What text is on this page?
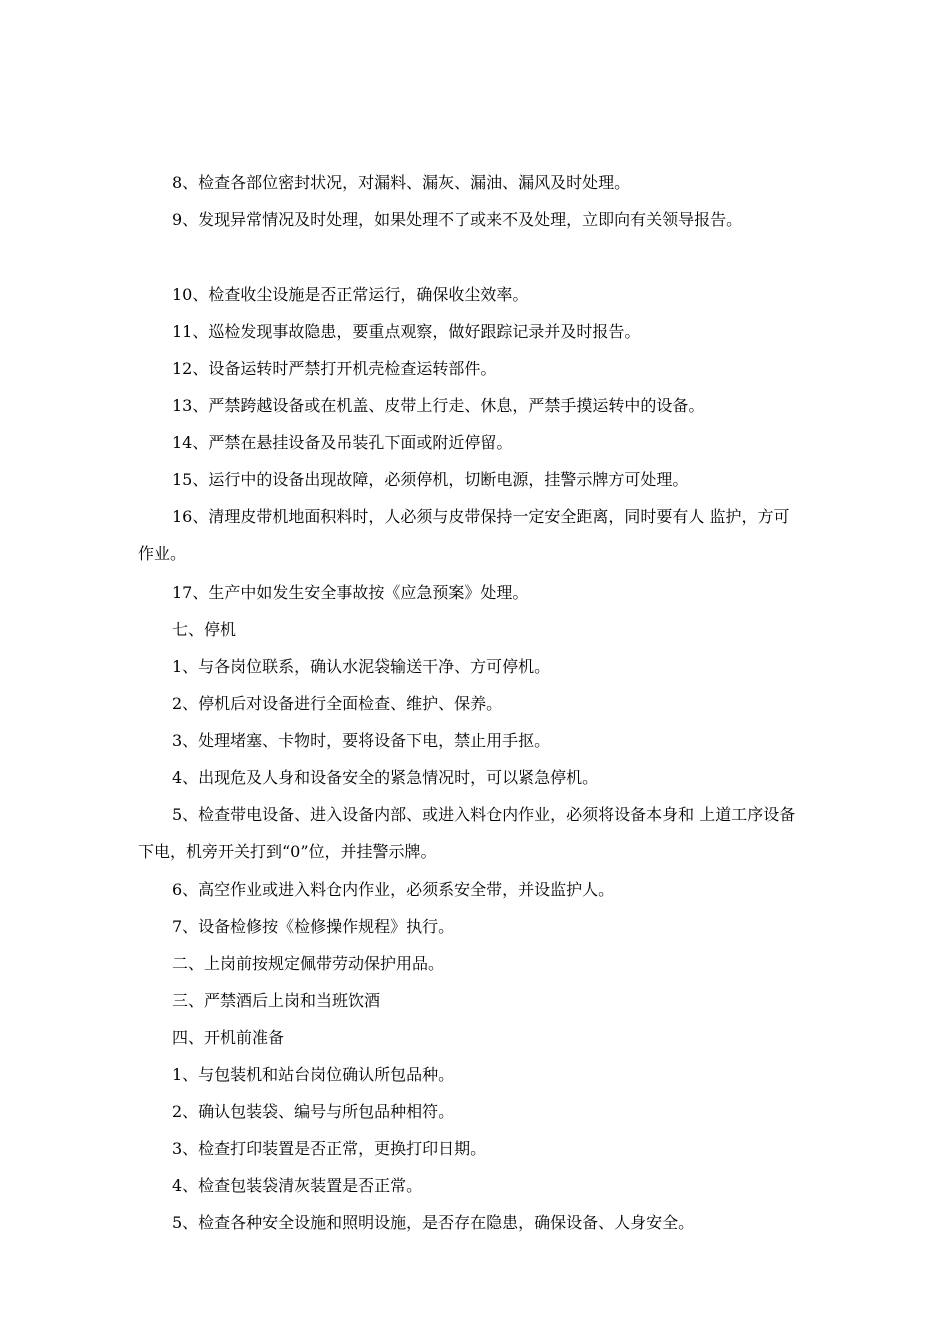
8、检查各部位密封状况，对漏料、漏灰、漏油、漏风及时处理。

9、发现异常情况及时处理，如果处理不了或来不及处理，立即向有关领导报告。

10、检查收尘设施是否正常运行，确保收尘效率。

11、巡检发现事故隐患，要重点观察，做好跟踪记录并及时报告。

12、设备运转时严禁打开机壳检查运转部件。

13、严禁跨越设备或在机盖、皮带上行走、休息，严禁手摸运转中的设备。

14、严禁在悬挂设备及吊装孔下面或附近停留。

15、运行中的设备出现故障，必须停机，切断电源，挂警示牌方可处理。

16、清理皮带机地面积料时，人必须与皮带保持一定安全距离，同时要有人 监护，方可作业。

17、生产中如发生安全事故按《应急预案》处理。

七、停机

1、与各岗位联系，确认水泥袋输送干净、方可停机。

2、停机后对设备进行全面检查、维护、保养。

3、处理堵塞、卡物时，要将设备下电，禁止用手抠。

4、出现危及人身和设备安全的紧急情况时，可以紧急停机。

5、检查带电设备、进入设备内部、或进入料仓内作业，必须将设备本身和 上道工序设备下电，机旁开关打到“0”位，并挂警示牌。

6、高空作业或进入料仓内作业，必须系安全带，并设监护人。

7、设备检修按《检修操作规程》执行。

二、上岗前按规定佩带劳动保护用品。

三、严禁酒后上岗和当班饮酒

四、开机前准备

1、与包装机和站台岗位确认所包品种。

2、确认包装袋、编号与所包品种相符。

3、检查打印装置是否正常，更换打印日期。

4、检查包装袋清灰装置是否正常。

5、检查各种安全设施和照明设施，是否存在隐患，确保设备、人身安全。
